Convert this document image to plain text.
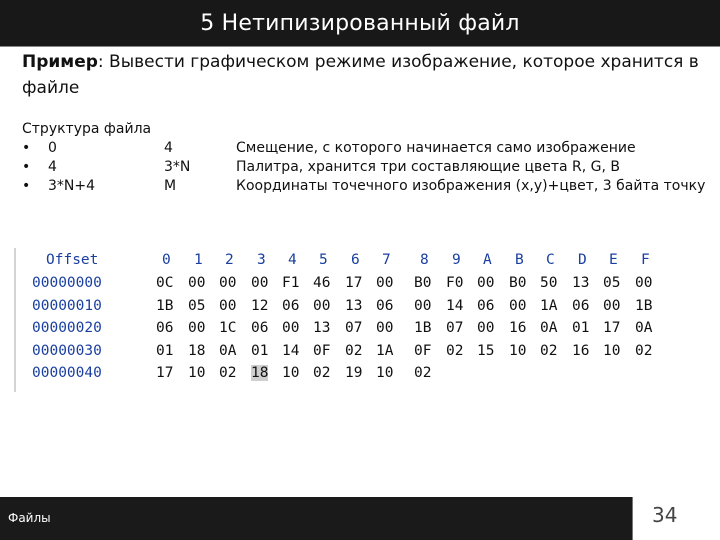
5 Нетипизированный файл
Пример: Вывести графическом режиме изображение, которое хранится в файле
Структура файла
• 0	4	Смещение, с которого начинается само изображение
• 4	3*N	Палитра, хранится три составляющие цвета R, G, B
• 3*N+4	M	Координаты точечного изображения (x,y)+цвет, 3 байта точку
Offset	0 1 2 3 4 5 6 7 8 9 A B C D E F
00000000	0C 00 00 00 F1 46 17 00 B0 F0 00 B0 50 13 05 00
00000010	1B 05 00 12 06 00 13 06 00 14 06 00 1A 06 00 1B
00000020	06 00 1C 06 00 13 07 00 1B 07 00 16 0A 01 17 0A
00000030	01 18 0A 01 14 0F 02 1A 0F 02 15 10 02 16 10 02
00000040	17 10 02 18 10 02 19 10 02
Файлы	34
